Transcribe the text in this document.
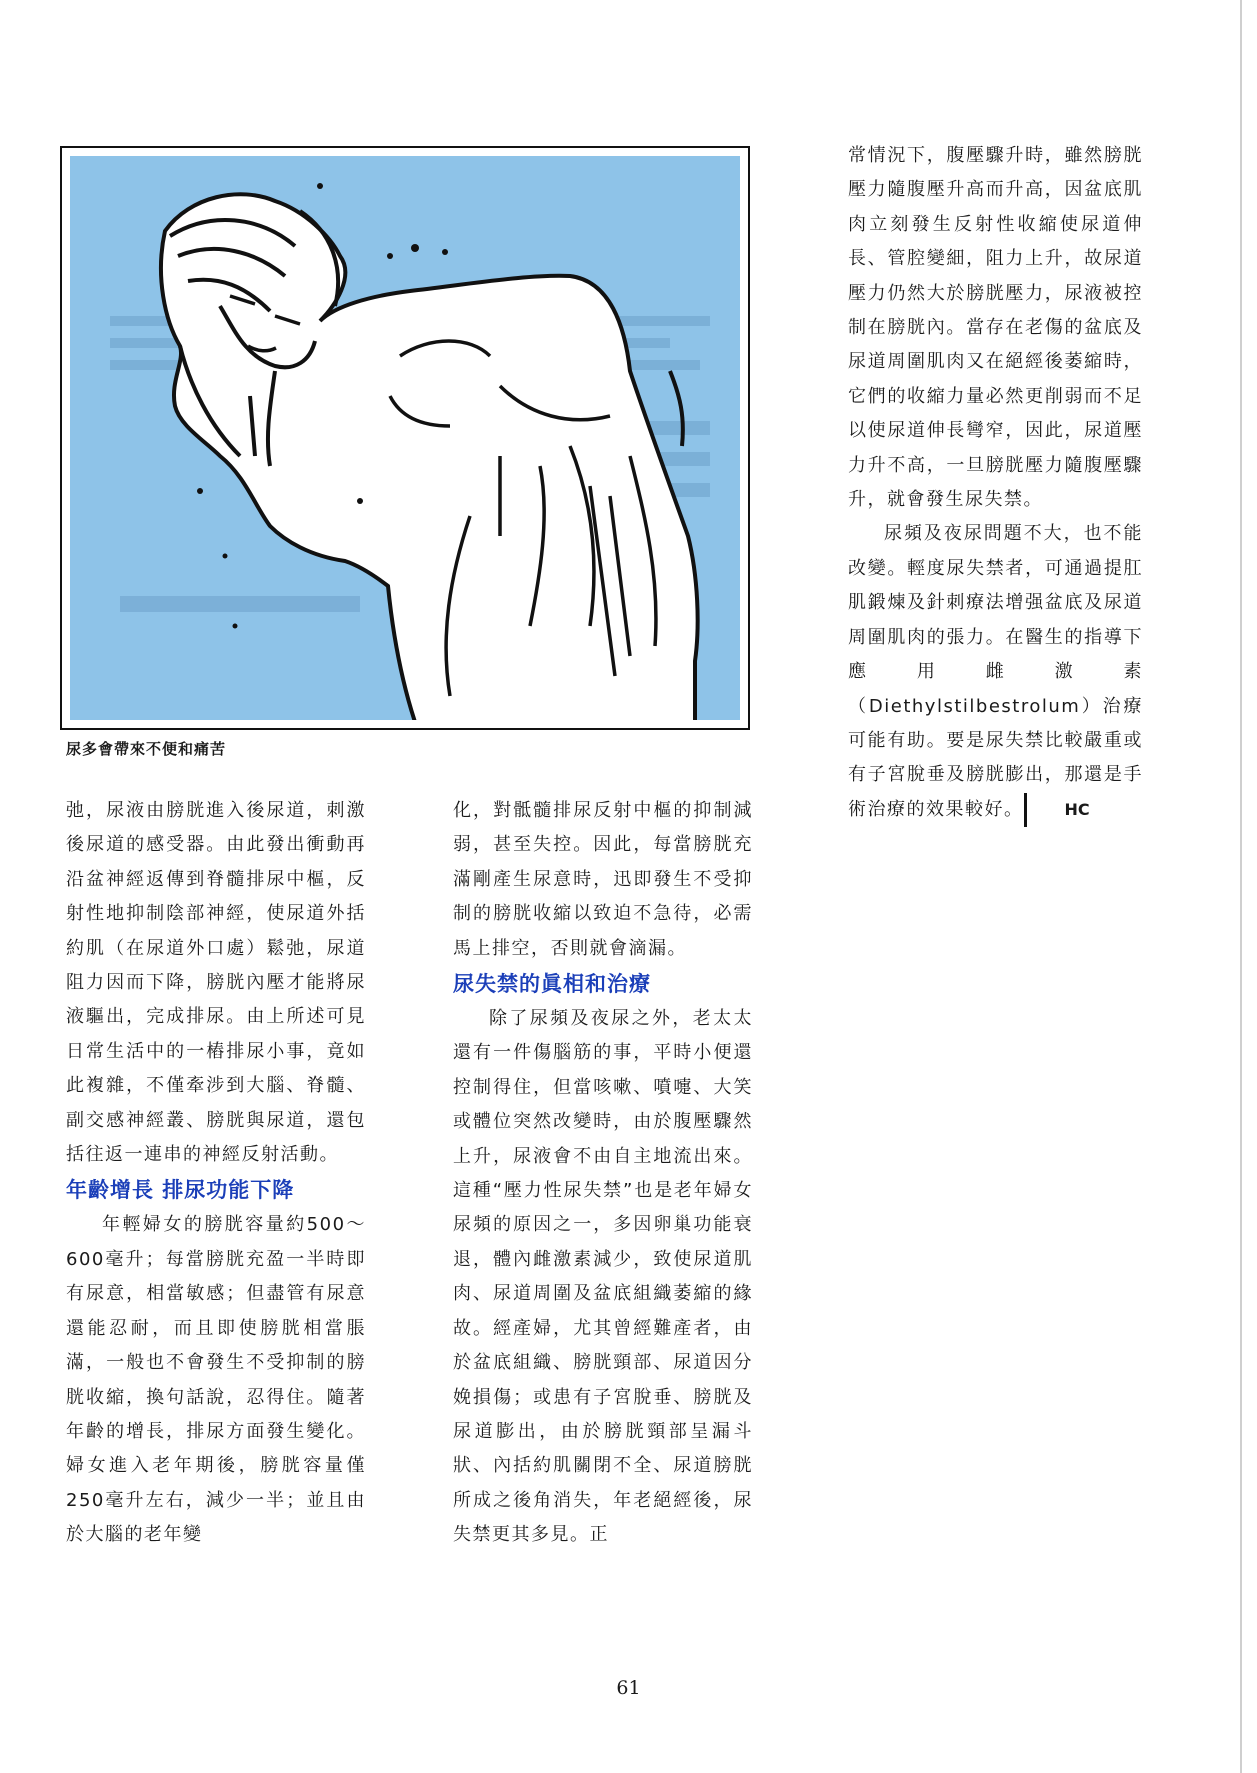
尿多會帶來不便和痛苦

弛，尿液由膀胱進入後尿道，刺激後尿道的感受器。由此發出衝動再沿盆神經返傳到脊髓排尿中樞，反射性地抑制陰部神經，使尿道外括約肌（在尿道外口處）鬆弛，尿道阻力因而下降，膀胱內壓才能將尿液驅出，完成排尿。由上所述可見日常生活中的一樁排尿小事，竟如此複雜，不僅牽涉到大腦、脊髓、副交感神經叢、膀胱與尿道，還包括往返一連串的神經反射活動。

年齡增長 排尿功能下降

年輕婦女的膀胱容量約500～600毫升；每當膀胱充盈一半時即有尿意，相當敏感；但盡管有尿意還能忍耐，而且即使膀胱相當脹滿，一般也不會發生不受抑制的膀胱收縮，換句話說，忍得住。隨著年齡的增長，排尿方面發生變化。婦女進入老年期後，膀胱容量僅250毫升左右，減少一半；並且由於大腦的老年變

化，對骶髓排尿反射中樞的抑制減弱，甚至失控。因此，每當膀胱充滿剛產生尿意時，迅即發生不受抑制的膀胱收縮以致迫不急待，必需馬上排空，否則就會滴漏。

尿失禁的眞相和治療

除了尿頻及夜尿之外，老太太還有一件傷腦筋的事，平時小便還控制得住，但當咳嗽、噴嚏、大笑或體位突然改變時，由於腹壓驟然上升，尿液會不由自主地流出來。這種“壓力性尿失禁”也是老年婦女尿頻的原因之一，多因卵巢功能衰退，體內雌激素減少，致使尿道肌肉、尿道周圍及盆底組織萎縮的緣故。經產婦，尤其曾經難產者，由於盆底組織、膀胱頸部、尿道因分娩損傷；或患有子宮脫垂、膀胱及尿道膨出，由於膀胱頸部呈漏斗狀、內括約肌關閉不全、尿道膀胱所成之後角消失，年老絕經後，尿失禁更其多見。正

常情況下，腹壓驟升時，雖然膀胱壓力隨腹壓升高而升高，因盆底肌肉立刻發生反射性收縮使尿道伸長、管腔變細，阻力上升，故尿道壓力仍然大於膀胱壓力，尿液被控制在膀胱內。當存在老傷的盆底及尿道周圍肌肉又在絕經後萎縮時，它們的收縮力量必然更削弱而不足以使尿道伸長彎窄，因此，尿道壓力升不高，一旦膀胱壓力隨腹壓驟升，就會發生尿失禁。

尿頻及夜尿問題不大，也不能改變。輕度尿失禁者，可通過提肛肌鍛煉及針刺療法增强盆底及尿道周圍肌肉的張力。在醫生的指導下應用雌激素（Diethylstilbestrolum）治療可能有助。要是尿失禁比較嚴重或有子宮脫垂及膀胱膨出，那還是手術治療的效果較好。	HC

61
